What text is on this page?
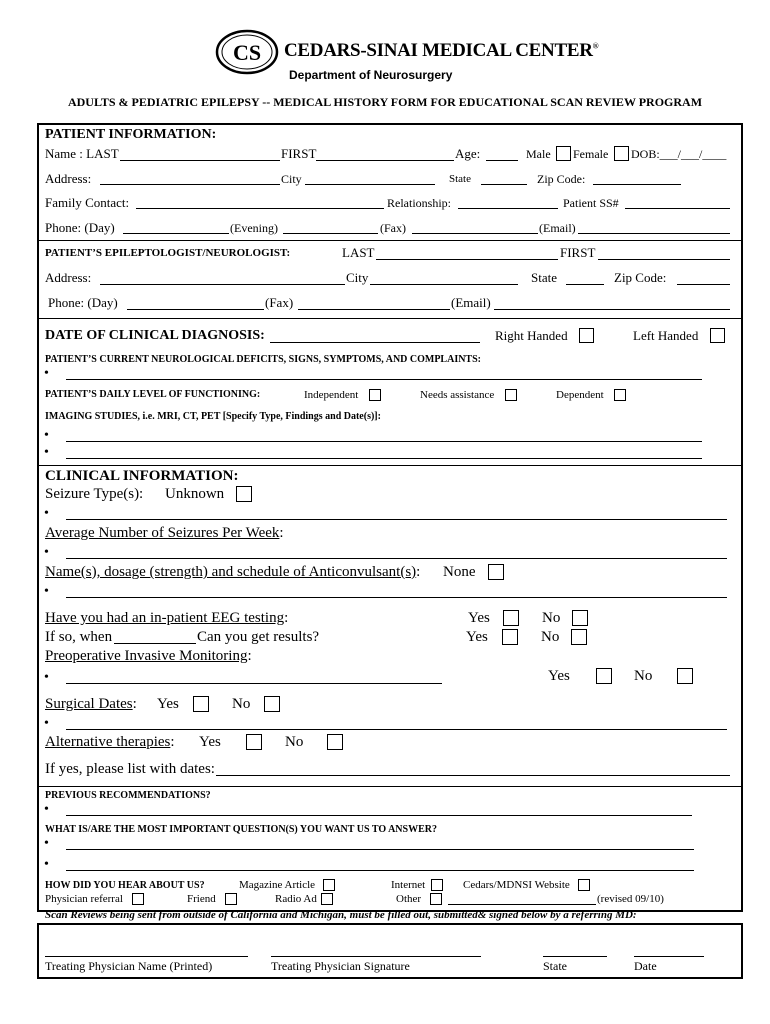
CS CEDARS-SINAI MEDICAL CENTER®
Department of Neurosurgery
ADULTS & PEDIATRIC EPILEPSY -- MEDICAL HISTORY FORM FOR EDUCATIONAL SCAN REVIEW PROGRAM
PATIENT INFORMATION:
Name : LAST	FIRST	Age:	Male Female DOB:___/___/____
Address:	City	State	Zip Code:
Family Contact:	Relationship:	Patient SS#
Phone: (Day)	(Evening)	(Fax)	(Email)
PATIENT’S EPILEPTOLOGIST/NEUROLOGIST:	LAST	FIRST
Address:	City	State	Zip Code:
Phone: (Day)	(Fax)	(Email)
DATE OF CLINICAL DIAGNOSIS:	Right Handed	Left Handed
PATIENT’S CURRENT NEUROLOGICAL DEFICITS, SIGNS, SYMPTOMS, AND COMPLAINTS:
•
PATIENT’S DAILY LEVEL OF FUNCTIONING:	Independent	Needs assistance	Dependent
IMAGING STUDIES, i.e. MRI, CT, PET [Specify Type, Findings and Date(s)]:
•
•
CLINICAL INFORMATION:
Seizure Type(s): Unknown
•
Average Number of Seizures Per Week:
•
Name(s), dosage (strength) and schedule of Anticonvulsant(s): None
•
Have you had an in-patient EEG testing:	Yes	No
If so, when	Can you get results?	Yes	No
Preoperative Invasive Monitoring:
•	Yes	No
Surgical Dates: Yes	No
•
Alternative therapies: Yes	No
If yes, please list with dates:
PREVIOUS RECOMMENDATIONS?
•
WHAT IS/ARE THE MOST IMPORTANT QUESTION(S) YOU WANT US TO ANSWER?
•
•
HOW DID YOU HEAR ABOUT US?	Magazine Article	Internet	Cedars/MDNSI Website
Physician referral	Friend	Radio Ad	Other	(revised 09/10)
Scan Reviews being sent from outside of California and Michigan, must be filled out, submitted& signed below by a referring MD:
Treating Physician Name (Printed)	Treating Physician Signature	State	Date
